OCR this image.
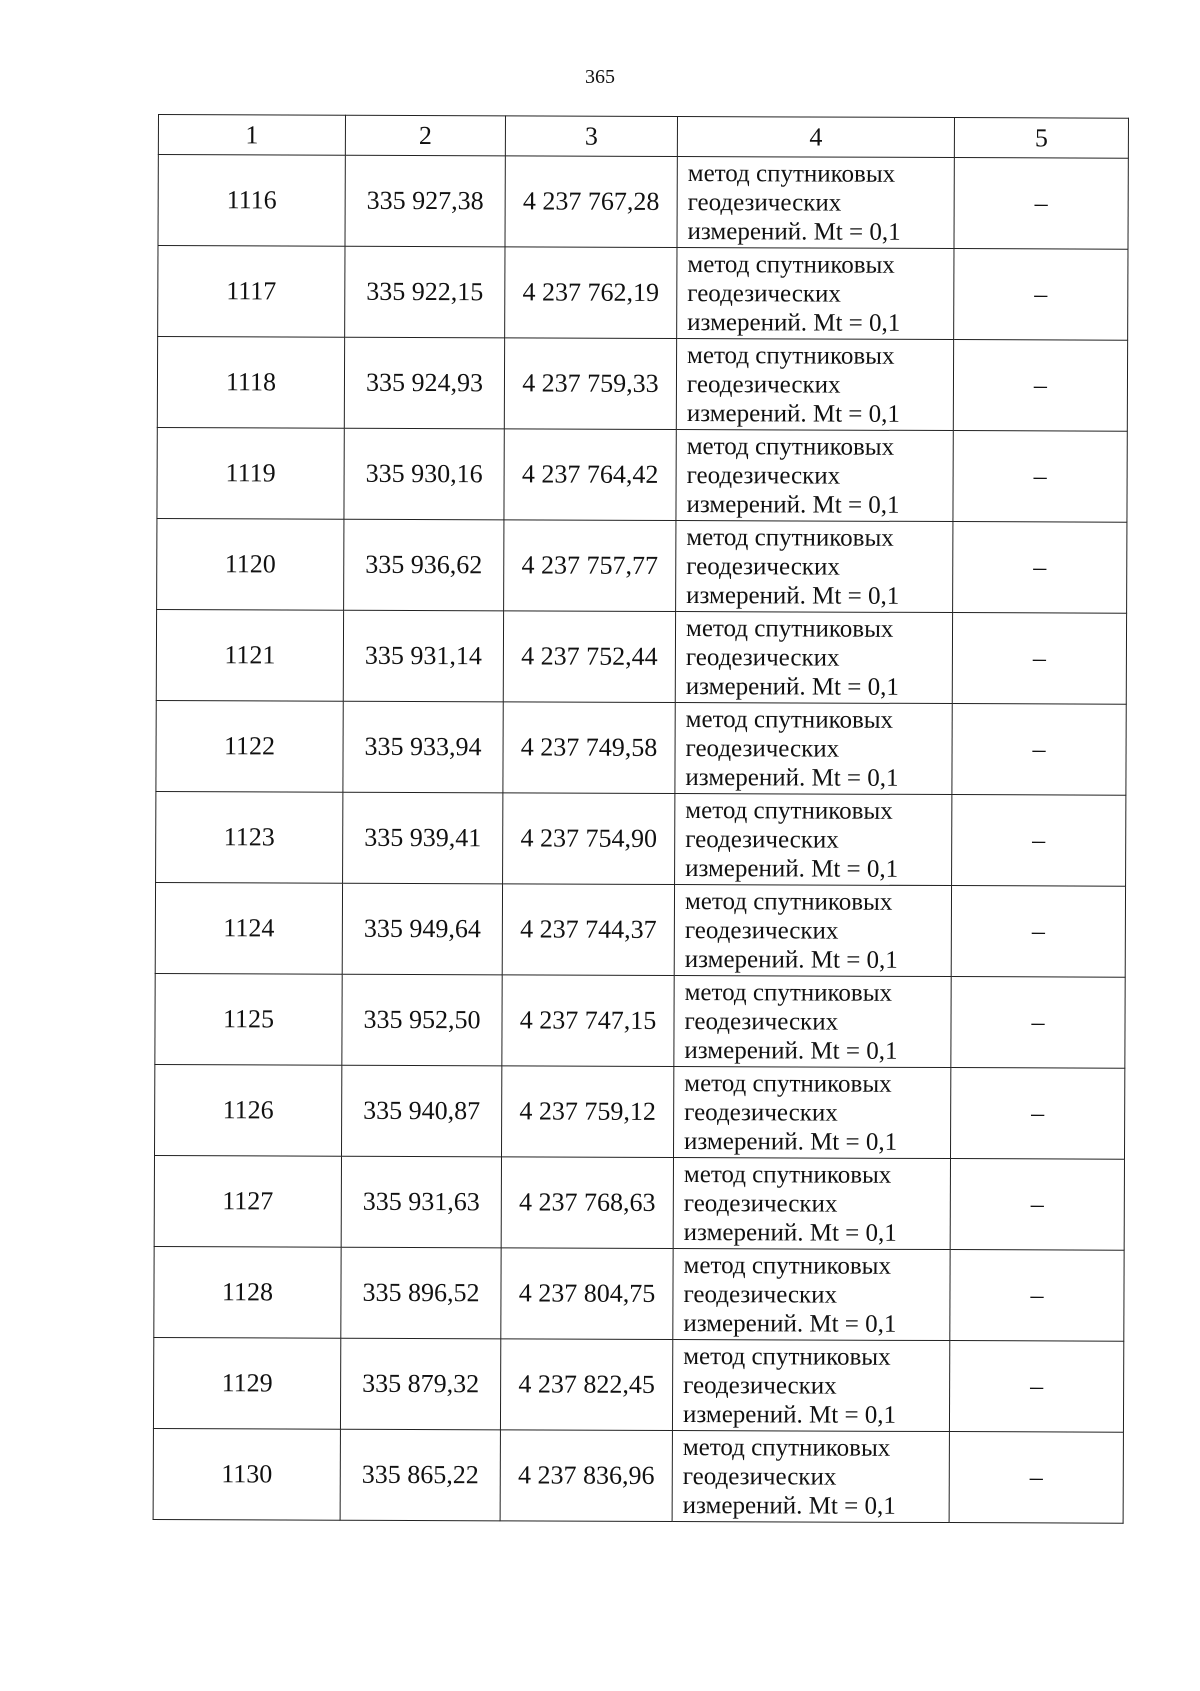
365
1	2	3	4	5
1116	335 927,38	4 237 767,28	метод спутниковых
геодезических
измерений. Mt = 0,1	–
1117	335 922,15	4 237 762,19	метод спутниковых
геодезических
измерений. Mt = 0,1	–
1118	335 924,93	4 237 759,33	метод спутниковых
геодезических
измерений. Mt = 0,1	–
1119	335 930,16	4 237 764,42	метод спутниковых
геодезических
измерений. Mt = 0,1	–
1120	335 936,62	4 237 757,77	метод спутниковых
геодезических
измерений. Mt = 0,1	–
1121	335 931,14	4 237 752,44	метод спутниковых
геодезических
измерений. Mt = 0,1	–
1122	335 933,94	4 237 749,58	метод спутниковых
геодезических
измерений. Mt = 0,1	–
1123	335 939,41	4 237 754,90	метод спутниковых
геодезических
измерений. Mt = 0,1	–
1124	335 949,64	4 237 744,37	метод спутниковых
геодезических
измерений. Mt = 0,1	–
1125	335 952,50	4 237 747,15	метод спутниковых
геодезических
измерений. Mt = 0,1	–
1126	335 940,87	4 237 759,12	метод спутниковых
геодезических
измерений. Mt = 0,1	–
1127	335 931,63	4 237 768,63	метод спутниковых
геодезических
измерений. Mt = 0,1	–
1128	335 896,52	4 237 804,75	метод спутниковых
геодезических
измерений. Mt = 0,1	–
1129	335 879,32	4 237 822,45	метод спутниковых
геодезических
измерений. Mt = 0,1	–
1130	335 865,22	4 237 836,96	метод спутниковых
геодезических
измерений. Mt = 0,1	–
